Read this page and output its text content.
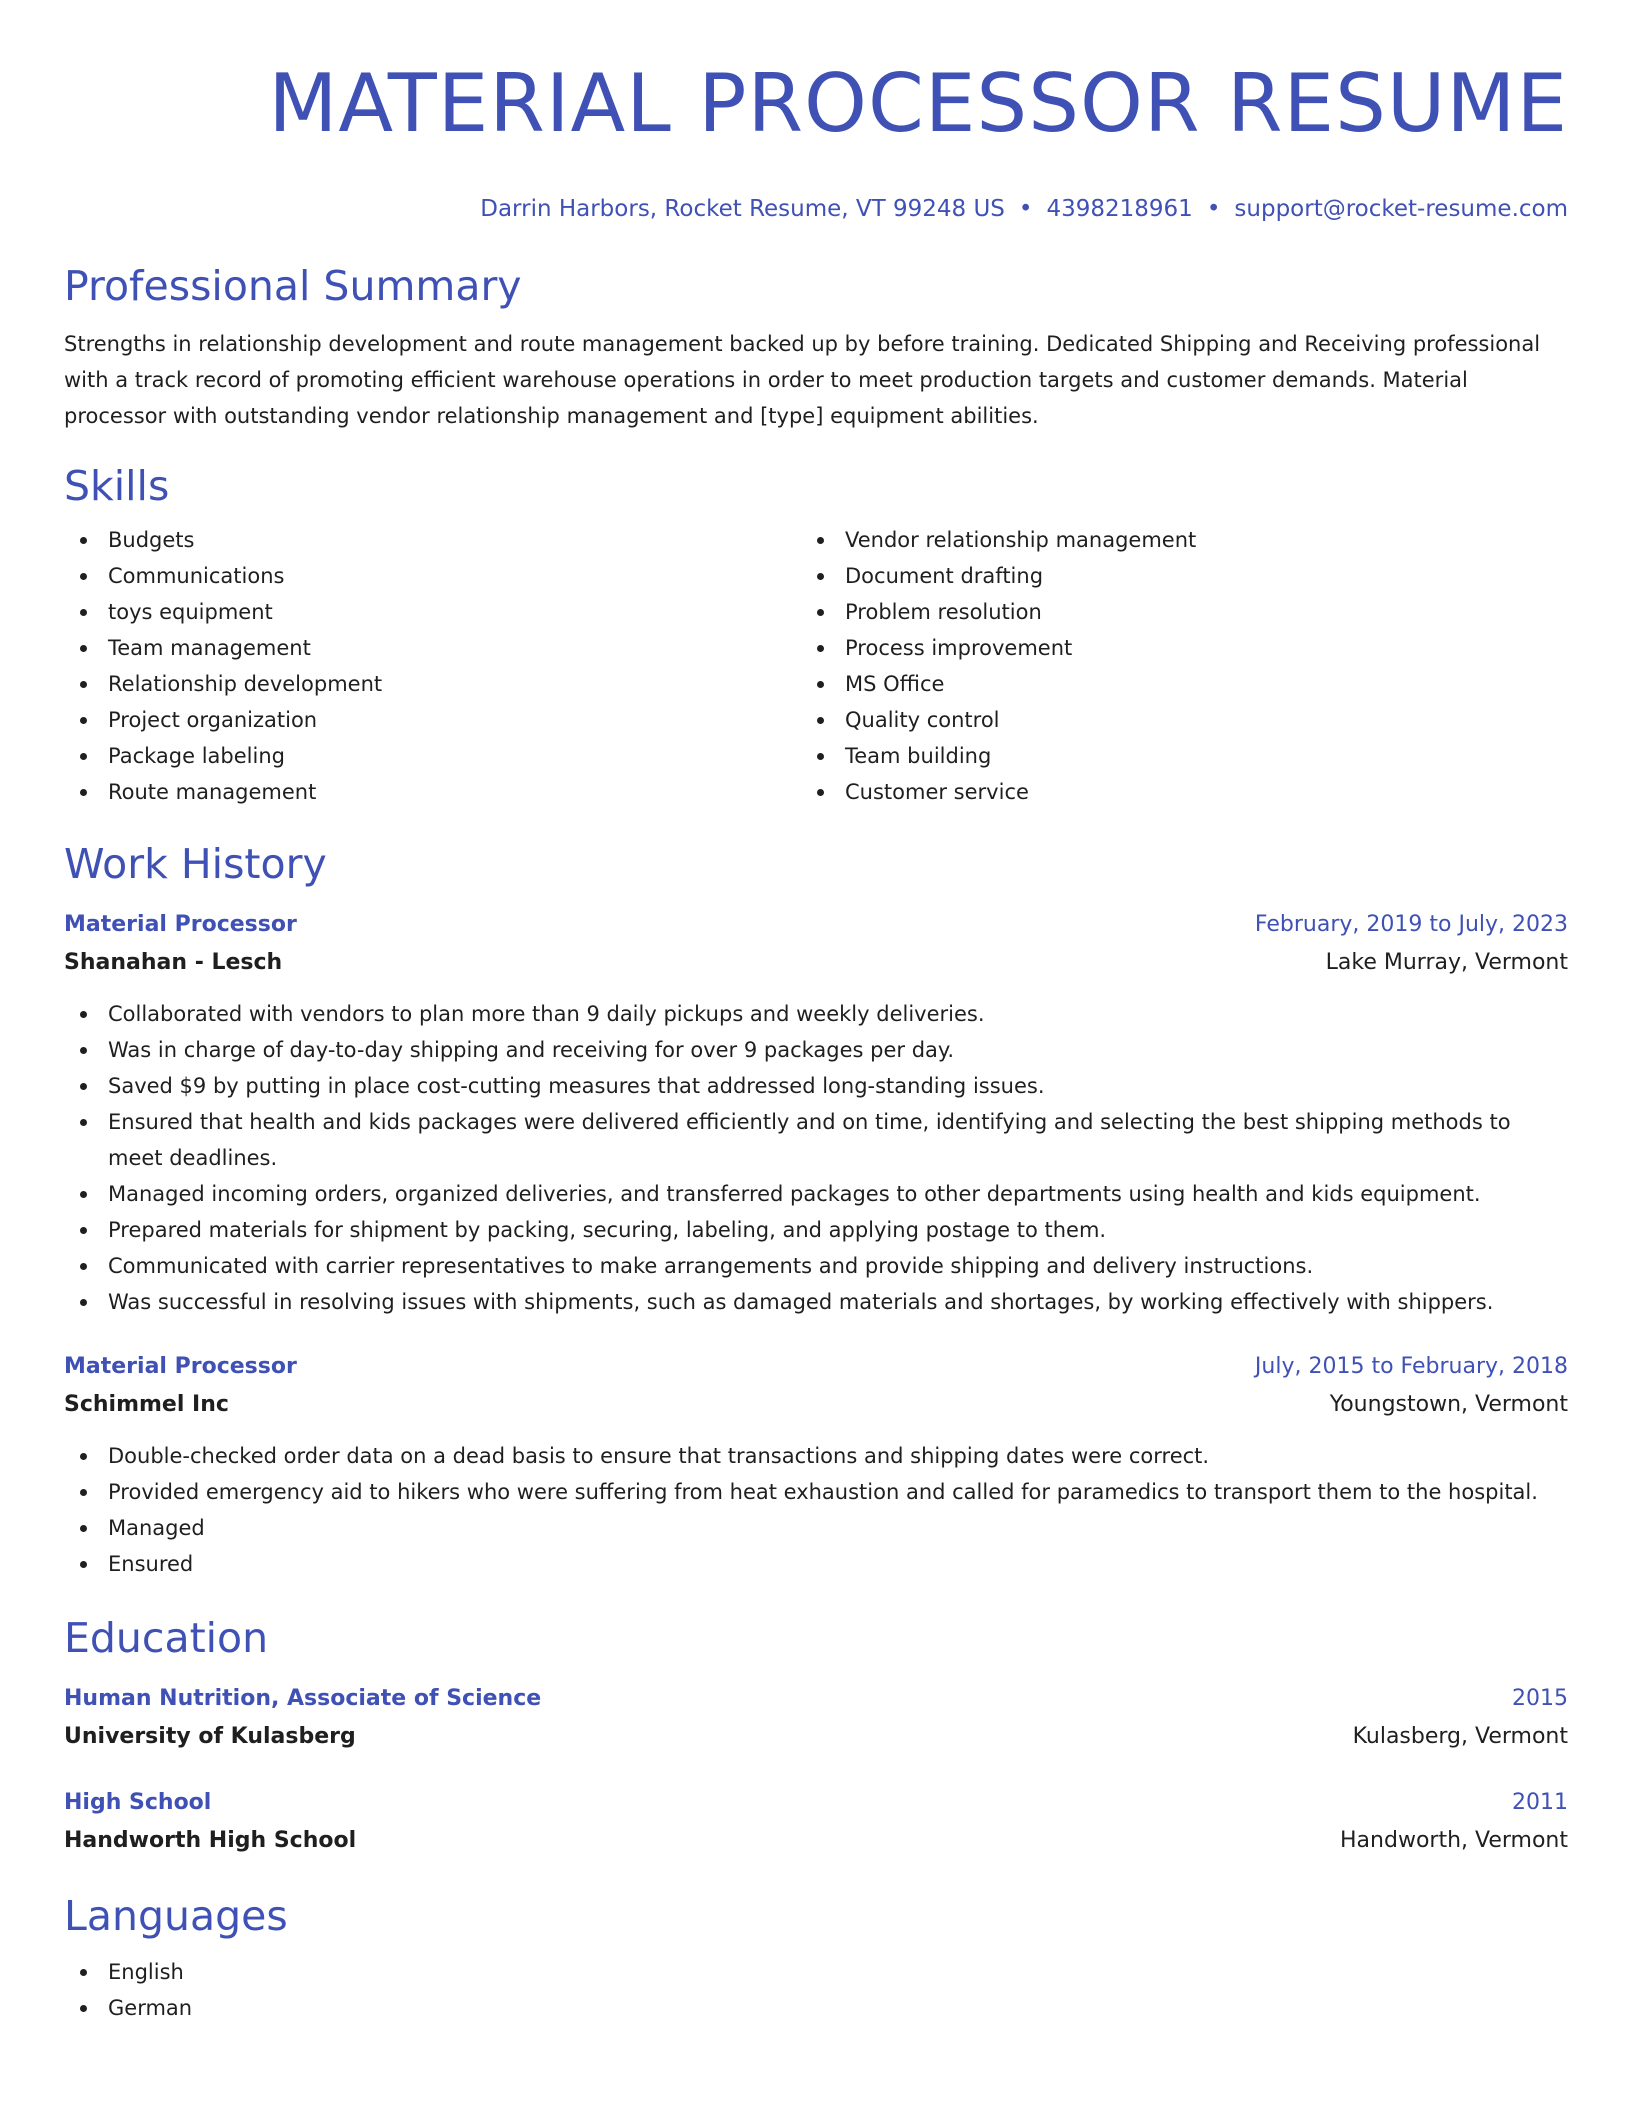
MATERIAL PROCESSOR RESUME
Darrin Harbors, Rocket Resume, VT 99248 US • 4398218961 • support@rocket-resume.com
Professional Summary

Strengths in relationship development and route management backed up by before training. Dedicated Shipping and Receiving professional with a track record of promoting efficient warehouse operations in order to meet production targets and customer demands. Material processor with outstanding vendor relationship management and [type] equipment abilities.

Skills
Budgets
Communications
toys equipment
Team management
Relationship development
Project organization
Package labeling
Route management
Vendor relationship management
Document drafting
Problem resolution
Process improvement
MS Office
Quality control
Team building
Customer service
Work History
Material Processor	February, 2019 to July, 2023
Shanahan - Lesch	Lake Murray, Vermont
Collaborated with vendors to plan more than 9 daily pickups and weekly deliveries.
Was in charge of day-to-day shipping and receiving for over 9 packages per day.
Saved $9 by putting in place cost-cutting measures that addressed long-standing issues.
Ensured that health and kids packages were delivered efficiently and on time, identifying and selecting the best shipping methods to meet deadlines.
Managed incoming orders, organized deliveries, and transferred packages to other departments using health and kids equipment.
Prepared materials for shipment by packing, securing, labeling, and applying postage to them.
Communicated with carrier representatives to make arrangements and provide shipping and delivery instructions.
Was successful in resolving issues with shipments, such as damaged materials and shortages, by working effectively with shippers.
Material Processor	July, 2015 to February, 2018
Schimmel Inc	Youngstown, Vermont
Double-checked order data on a dead basis to ensure that transactions and shipping dates were correct.
Provided emergency aid to hikers who were suffering from heat exhaustion and called for paramedics to transport them to the hospital.
Managed
Ensured
Education
Human Nutrition, Associate of Science	2015
University of Kulasberg	Kulasberg, Vermont
High School	2011
Handworth High School	Handworth, Vermont
Languages
English
German
